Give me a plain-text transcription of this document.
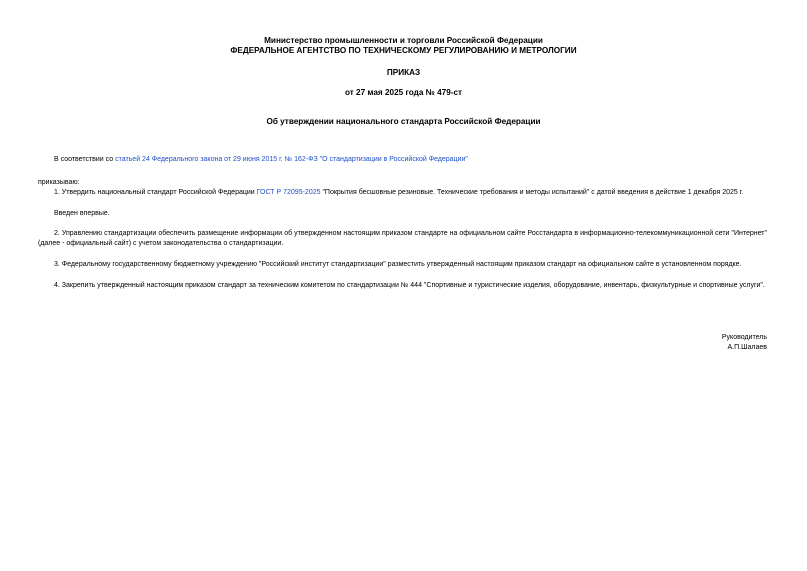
Министерство промышленности и торговли Российской Федерации
ФЕДЕРАЛЬНОЕ АГЕНТСТВО ПО ТЕХНИЧЕСКОМУ РЕГУЛИРОВАНИЮ И МЕТРОЛОГИИ
ПРИКАЗ
от 27 мая 2025 года № 479-ст
Об утверждении национального стандарта Российской Федерации
В соответствии со статьей 24 Федерального закона от 29 июня 2015 г. № 162-ФЗ "О стандартизации в Российской Федерации"
приказываю:
1. Утвердить национальный стандарт Российской Федерации ГОСТ Р 72095-2025 "Покрытия бесшовные резиновые. Технические требования и методы испытаний" с датой введения в действие 1 декабря 2025 г.
Введен впервые.
2. Управлению стандартизации обеспечить размещение информации об утвержденном настоящим приказом стандарте на официальном сайте Росстандарта в информационно-телекоммуникационной сети "Интернет" (далее - официальный сайт) с учетом законодательства о стандартизации.
3. Федеральному государственному бюджетному учреждению "Российский институт стандартизации" разместить утвержденный настоящим приказом стандарт на официальном сайте в установленном порядке.
4. Закрепить утвержденный настоящим приказом стандарт за техническим комитетом по стандартизации № 444 "Спортивные и туристические изделия, оборудование, инвентарь, физкультурные и спортивные услуги".
Руководитель
А.П.Шалаев
